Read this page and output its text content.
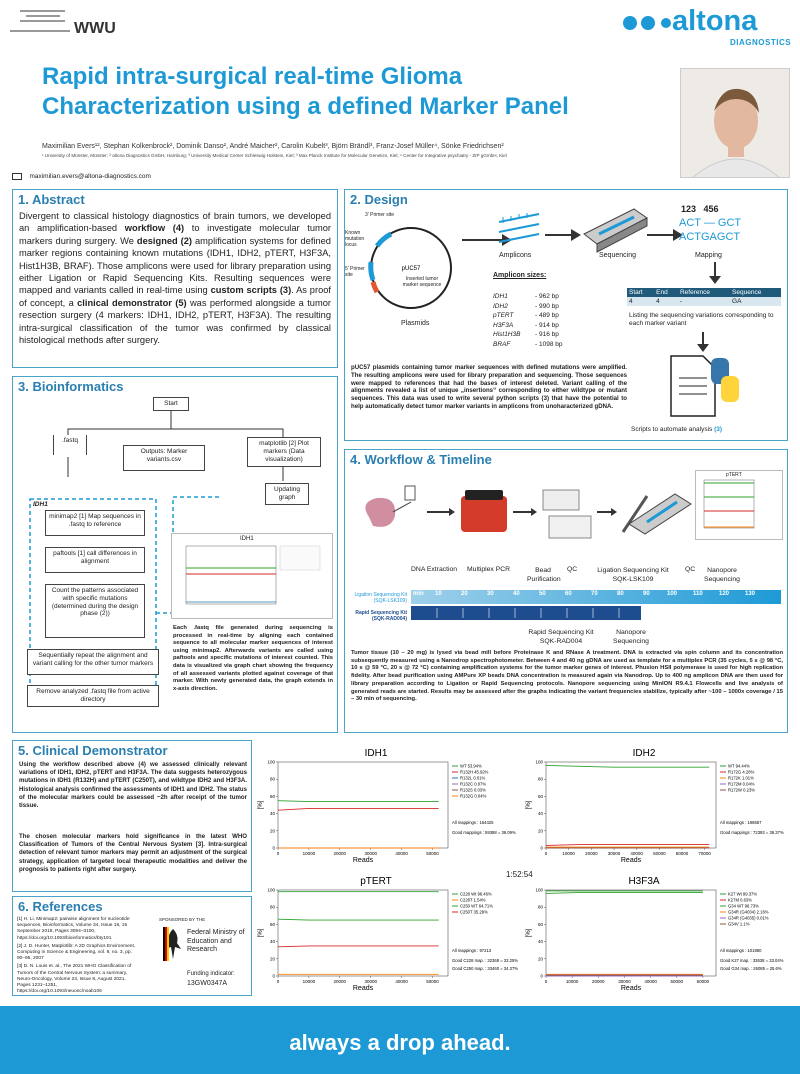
WWU	altona
DIAGNOSTICS
Rapid intra-surgical real-time Glioma
Characterization using a defined Marker Panel
Maximilian Evers¹², Stephan Kolkenbrock², Dominik Danso², André Maicher², Carolin Kubelt³, Björn Brändl³, Franz-Josef Müller⁴, Sönke Friedrichsen²
¹ University of Münster, Münster; ² altona Diagnostics GmbH, Hamburg; ³ University Medical Center Schleswig Holstein, Kiel; ³ Max Planck Institute for Molecular Genetics, Kiel; ⁴ Center for Integrative psychiatry - ZIP gGmbH, Kiel
maximilian.evers@altona-diagnostics.com
1. Abstract
Divergent to classical histology diagnostics of brain tumors, we developed an amplification-based workflow (4) to investigate molecular tumor markers during surgery. We designed (2) amplification systems for defined marker regions containing known mutations (IDH1, IDH2, pTERT, H3F3A, Hist1H3B, BRAF). Those amplicons were used for library preparation using either Ligation or Rapid Sequencing Kits. Resulting sequences were mapped and variants called in real-time using custom scripts (3). As proof of concept, a clinical demonstrator (5) was performed alongside a tumor resection surgery (4 markers: IDH1, IDH2, pTERT, H3F3A). The resulting intra-surgical classification of the tumor was confirmed by classical histological methods after surgery.
2. Design
pUC57
3' Primer site
Known mutation locus
5' Primer site
Inserted tumor marker sequence
Plasmids
Amplicons	Sequencing
123   456
ACT — GCT
ACTGAGCT
Mapping
Amplicon sizes:
IDH1	- 962 bp
IDH2	- 990 bp
pTERT	- 489 bp
H3F3A	- 914 bp
Hist1H3B - 916 bp
BRAF	- 1098 bp
Start	End	Reference	Sequence
4	4	-	GA
Listing the sequencing variations corresponding to each marker variant
Scripts to automate analysis (3)
pUC57 plasmids containing tumor marker sequences with defined mutations were amplified. The resulting amplicons were used for library preparation and sequencing. Those sequences were mapped to references that had the bases of interest deleted. Variant calling of the alignments revealed a list of unique „insertions“ corresponding to either wildtype or mutant sequences. This data was used to write several python scripts (3) that have the potential to help automatically detect tumor marker variants in amplicons from unoharacterized gDNA.
3. Bioinformatics
Start
Outputs: Marker variants.csv
matplotlib [2] Plot markers (Data visualization)
.fastq
Updating graph
IDH1
minimap2 [1] Map sequences in .fastq to reference
paftools [1] call differences in alignment
Count the patterns associated with specific mutations (determined during the design phase (2))
Sequentially repeat the alignment and variant calling for the other tumor markers
Remove analyzed .fastq file from active directory
IDH1
Each .fastq file generated during sequencing is processed in real-time by aligning each contained sequence to all molecular marker sequences of interest using minimap2. Afterwards variants are called using paftools and specific mutations of interest counted. This data is visualized via graph chart showing the frequency of all assessed variants plotted against coverage of that marker. With newly generated data, the graph extends in x-axis direction.
4. Workflow & Timeline
pTERT
DNA Extraction Multiplex PCR	Bead Purification
QC	Ligation Sequencing Kit SQK-LSK109
QC	Nanopore Sequencing
Ligation Sequencing Kit (SQK-LSK109)
Rapid Sequencing Kit (SQK-RAD004)
min 10	20	30	40	50	60	70	80	90	100	110	120	130
Rapid Sequencing Kit SQK-RAD004
Nanopore Sequencing
Tumor tissue (10 – 20 mg) is lysed via bead mill before Proteinase K and RNase A treatment. DNA is extracted via spin column and its concentration subsequently measured using a Nanodrop spectrophotometer. Between 4 and 40 ng gDNA are used as template for a multiplex PCR (35 cycles, 5 s @ 98 °C, 10 s @ 59 °C, 20 s @ 72 °C) containing amplification systems for the tumor marker genes of interest. Phusion HSII polymerase is used for high replication fidelity. After bead purification using AMPure XP beads DNA concentration is measured again via Nanodrop. Up to 400 ng amplicon DNA are then used for library preparation according to Ligation or Rapid Sequencing protocols. Nanopore sequencing using MinION R9.4.1 Flowcells and live analysis of generated reads are started. Results may be assessed after the graphs indicating the variant frequencies stabilize, typically after ~100 – 1000x coverage / 15 – 30 min of sequencing.
5. Clinical Demonstrator
Using the workflow described above (4) we assessed clinically relevant variations of IDH1, IDH2, pTERT and H3F3A. The data suggests heterozygous mutations in IDH1 (R132H) and pTERT (C250T), and wildtype IDH2 and H3F3A. Histological analysis confirmed the assessments of IDH1 and IDH2. The status of the molecular markers could be assessed ~2h after receipt of the tumor tissue.
The chosen molecular markers hold significance in the latest WHO Classification of Tumors of the Central Nervous System [3]. Intra-surgical detection of relevant tumor markers may permit an adjustment of the surgical strategy, application of targeted local therapeutic modalities and deliver the prognosis to patients right after surgery.
6. References
[1] H. Li, Minimap2: pairwise alignment for nucleotide sequences, Bioinformatics, Volume 34, Issue 18, 15 September 2018, Pages 3094–3100, https://doi.org/10.1093/bioinformatics/bty191
[2] J. D. Hunter, Matplotlib: A 2D Graphics Environment, Computing in Science & Engineering, vol. 9, no. 3, pp. 90–95, 2007
[3] D. N. Louis et. al., The 2021 WHO Classification of Tumors of the Central Nervous System: a summary, Neuro-Oncology, Volume 23, Issue 8, August 2021, Pages 1231–1251, https://doi.org/10.1093/neuonc/noab106
SPONSORED BY THE
Federal Ministry of Education and Research
Funding indicator:
13GW0347A
IDH1
0
20
40
60
80
100
0	10000	20000	30000	40000	50000
Reads
[%]
WT 53.94%
R132H 45.92%
R132L 0.01%
R132C 0.07%
R132S 0.03%
R132G 0.04%
All mappings : 164425
Good mappings : 59388 = 36.09%
IDH2
0
20
40
60
80
100
0	10000 20000 30000 40000 50000 60000 70000
Reads
[%]
WT 94.44%
R172G 4.28%
R172K 1.01%
R172M 0.04%
R172W 0.23%
All mappings : 198667
Good mappings : 72393 = 36.37%
pTERT
0
20
40
60
80
100
0	10000	20000	30000	40000	50000
Reads
[%]
C228 Wt 98.46%
C228T 1.54%
C250 WT 64.71%
C250T 35.29%
All mappings : 97213
Good C228 map. : 32368 = 33.25%
Good C250 map. : 33460 = 34.37%
H3F3A
0
20
40
60
80
100
0	10000	20000	30000	40000	50000	60000
Reads
[%]
K27 Wt 99.37%
K27M 0.63%
G34 WT 96.73%
G34R (G4034) 2.16%
G34R (G4035) 0.01%
G34V 1.1%
All mappings : 101880
Good K27 map. : 33638 = 33.04%
Good G34 map. : 26085 = 25.6%
1:52:54
always a drop ahead.
